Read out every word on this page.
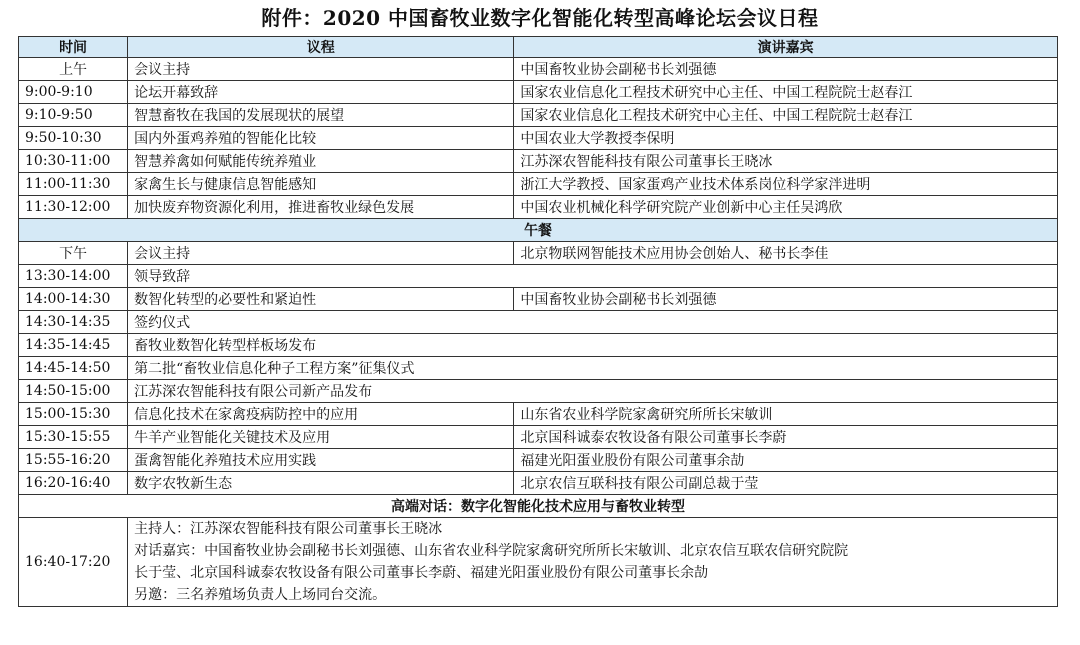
附件：2020 中国畜牧业数字化智能化转型高峰论坛会议日程
时间	议程	演讲嘉宾
上午	会议主持	中国畜牧业协会副秘书长刘强德
9:00-9:10	论坛开幕致辞	国家农业信息化工程技术研究中心主任、中国工程院院士赵春江
9:10-9:50	智慧畜牧在我国的发展现状的展望	国家农业信息化工程技术研究中心主任、中国工程院院士赵春江
9:50-10:30	国内外蛋鸡养殖的智能化比较	中国农业大学教授李保明
10:30-11:00	智慧养禽如何赋能传统养殖业	江苏深农智能科技有限公司董事长王晓冰
11:00-11:30	家禽生长与健康信息智能感知	浙江大学教授、国家蛋鸡产业技术体系岗位科学家泮进明
11:30-12:00	加快废弃物资源化利用，推进畜牧业绿色发展	中国农业机械化科学研究院产业创新中心主任吴鸿欣
午餐		
下午	会议主持	北京物联网智能技术应用协会创始人、秘书长李佳
13:30-14:00	领导致辞	
14:00-14:30	数智化转型的必要性和紧迫性	中国畜牧业协会副秘书长刘强德
14:30-14:35	签约仪式	
14:35-14:45	畜牧业数智化转型样板场发布	
14:45-14:50	第二批“畜牧业信息化种子工程方案”征集仪式	
14:50-15:00	江苏深农智能科技有限公司新产品发布	
15:00-15:30	信息化技术在家禽疫病防控中的应用	山东省农业科学院家禽研究所所长宋敏训
15:30-15:55	牛羊产业智能化关键技术及应用	北京国科诚泰农牧设备有限公司董事长李蔚
15:55-16:20	蛋禽智能化养殖技术应用实践	福建光阳蛋业股份有限公司董事余劼
16:20-16:40	数字农牧新生态	北京农信互联科技有限公司副总裁于莹
高端对话：数字化智能化技术应用与畜牧业转型		
16:40-17:20	主持人：江苏深农智能科技有限公司董事长王晓冰
对话嘉宾：中国畜牧业协会副秘书长刘强德、山东省农业科学院家禽研究所所长宋敏训、北京农信互联农信研究院院
长于莹、北京国科诚泰农牧设备有限公司董事长李蔚、福建光阳蛋业股份有限公司董事长余劼
另邀：三名养殖场负责人上场同台交流。	
